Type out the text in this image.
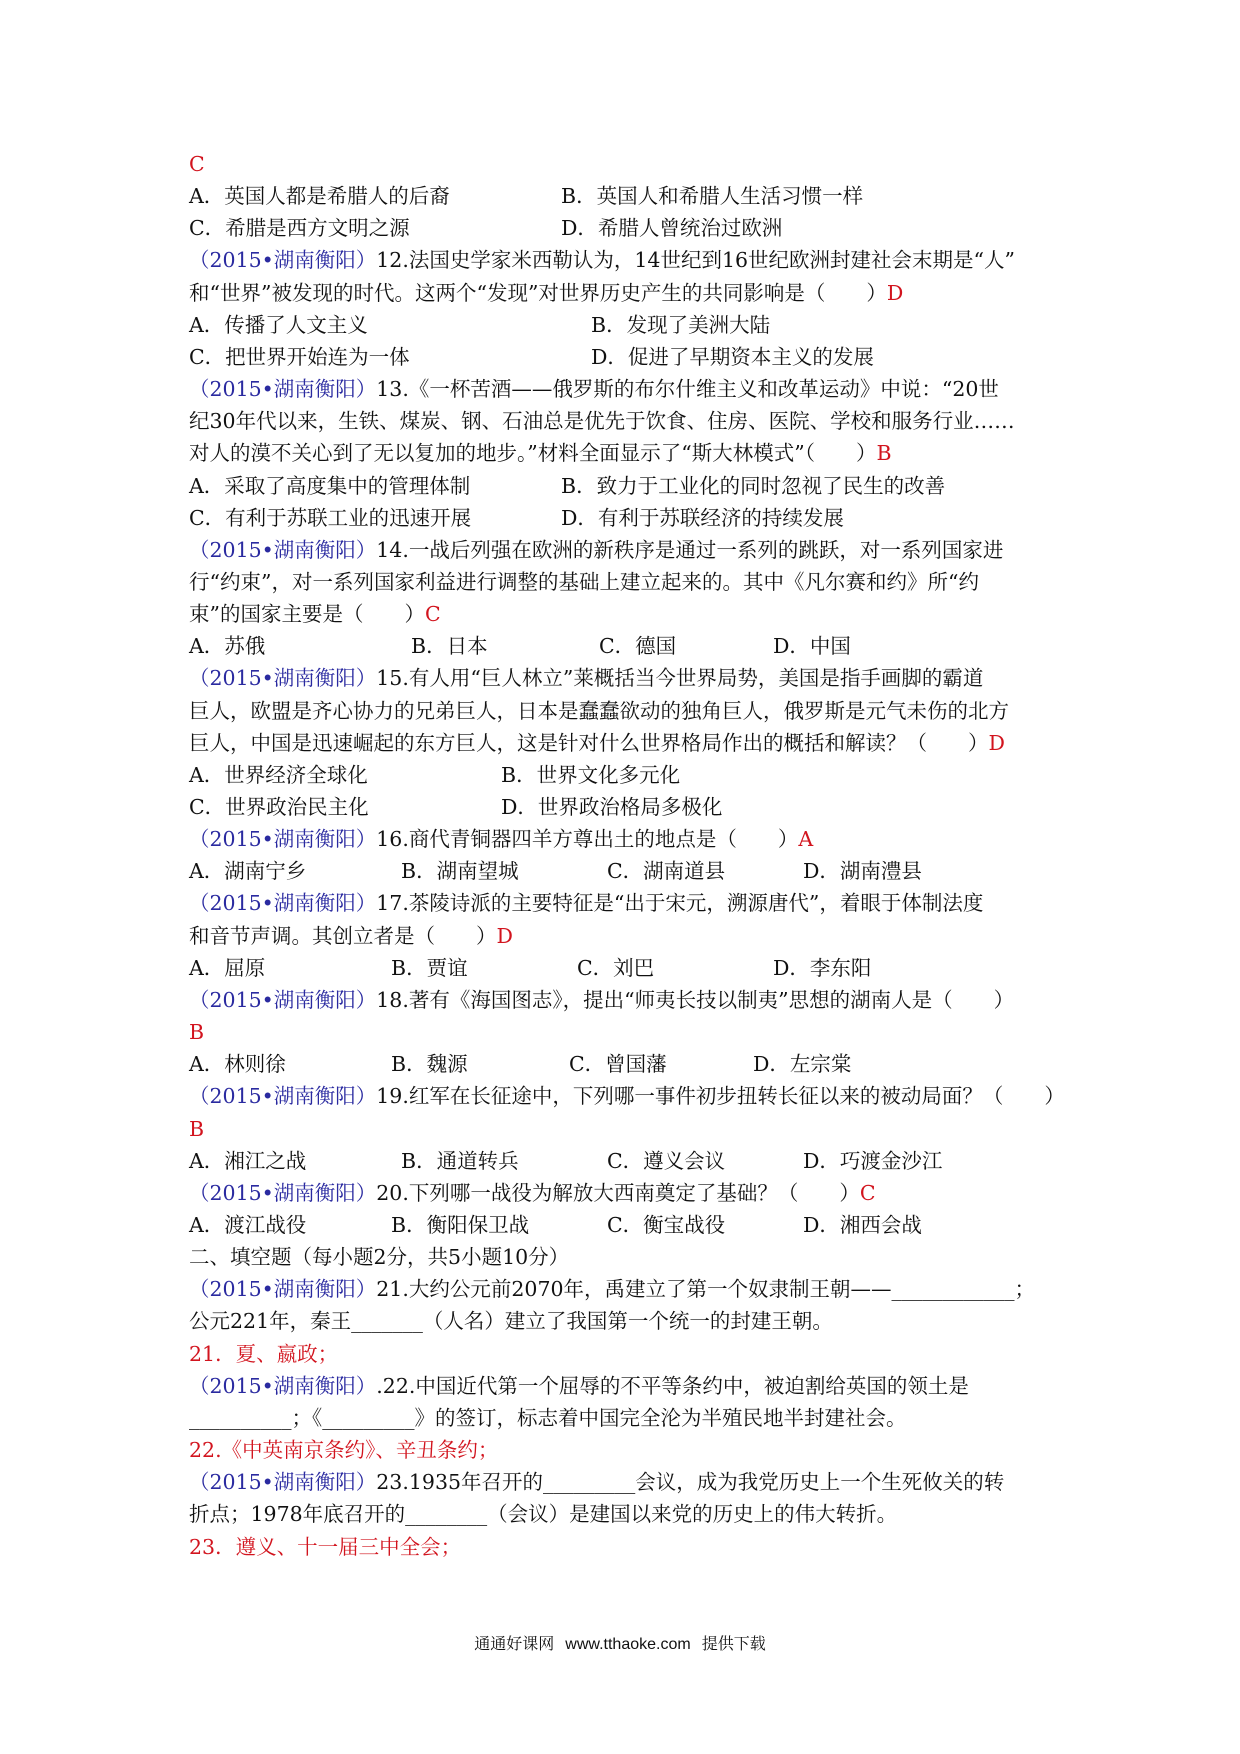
C
A．英国人都是希腊人的后裔	B．英国人和希腊人生活习惯一样
C．希腊是西方文明之源	D．希腊人曾统治过欧洲
（2015•湖南衡阳）12.法国史学家米西勒认为，14世纪到16世纪欧洲封建社会末期是“人”
和“世界”被发现的时代。这两个“发现”对世界历史产生的共同影响是（　　）D
A．传播了人文主义	B．发现了美洲大陆
C．把世界开始连为一体	D．促进了早期资本主义的发展
（2015•湖南衡阳）13.《一杯苦酒——俄罗斯的布尔什维主义和改革运动》中说：“20世
纪30年代以来，生铁、煤炭、钢、石油总是优先于饮食、住房、医院、学校和服务行业……
对人的漠不关心到了无以复加的地步。”材料全面显示了“斯大林模式”（　　）B
A．采取了高度集中的管理体制	B．致力于工业化的同时忽视了民生的改善
C．有利于苏联工业的迅速开展	D．有利于苏联经济的持续发展
（2015•湖南衡阳）14.一战后列强在欧洲的新秩序是通过一系列的跳跃，对一系列国家进
行“约束”，对一系列国家利益进行调整的基础上建立起来的。其中《凡尔赛和约》所“约
束”的国家主要是（　　）C
A．苏俄	B．日本	C．德国	D．中国
（2015•湖南衡阳）15.有人用“巨人林立”莱概括当今世界局势，美国是指手画脚的霸道
巨人，欧盟是齐心协力的兄弟巨人，日本是蠢蠢欲动的独角巨人，俄罗斯是元气未伤的北方
巨人，中国是迅速崛起的东方巨人，这是针对什么世界格局作出的概括和解读？（　　）D
A．世界经济全球化	B．世界文化多元化
C．世界政治民主化	D．世界政治格局多极化
（2015•湖南衡阳）16.商代青铜器四羊方尊出土的地点是（　　）A
A．湖南宁乡	B．湖南望城	C．湖南道县	D．湖南澧县
（2015•湖南衡阳）17.茶陵诗派的主要特征是“出于宋元，溯源唐代”，着眼于体制法度
和音节声调。其创立者是（　　）D
A．屈原	B．贾谊	C．刘巴	D．李东阳
（2015•湖南衡阳）18.著有《海国图志》，提出“师夷长技以制夷”思想的湖南人是（　　）
B
A．林则徐	B．魏源	C．曾国藩	D．左宗棠
（2015•湖南衡阳）19.红军在长征途中，下列哪一事件初步扭转长征以来的被动局面？（　　）
B
A．湘江之战	B．通道转兵	C．遵义会议	D．巧渡金沙江
（2015•湖南衡阳）20.下列哪一战役为解放大西南奠定了基础？（　　）C
A．渡江战役	B．衡阳保卫战	C．衡宝战役	D．湘西会战
二、填空题（每小题2分，共5小题10分）
（2015•湖南衡阳）21.大约公元前2070年，禹建立了第一个奴隶制王朝——____________；
公元221年，秦王_______（人名）建立了我国第一个统一的封建王朝。
21．夏、嬴政；
（2015•湖南衡阳）.22.中国近代第一个屈辱的不平等条约中，被迫割给英国的领土是
__________；《_________》的签订，标志着中国完全沦为半殖民地半封建社会。
22.《中英南京条约》、辛丑条约；
（2015•湖南衡阳）23.1935年召开的_________会议，成为我党历史上一个生死攸关的转
折点；1978年底召开的________（会议）是建国以来党的历史上的伟大转折。
23．遵义、十一届三中全会；
通通好课网 www.tthaoke.com 提供下载
